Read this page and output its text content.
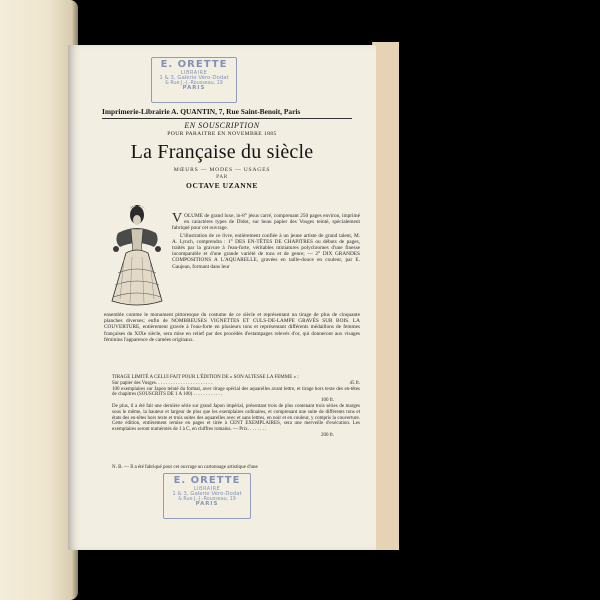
E. ORETTE
LIBRAIRE
1 & 3, Galerie Véro-Dodat
& Rue J.-J.-Rousseau, 19
PARIS
Imprimerie-Librairie A. QUANTIN, 7, Rue Saint-Benoit, Paris
EN SOUSCRIPTION
POUR PARAITRE EN NOVEMBRE 1885
La Française du siècle
MŒURS — MODES — USAGES
PAR
OCTAVE UZANNE

VOLUME de grand luxe, in-8° jésus carré, comprenant 250 pages environ, imprimé en caractères types de Didot, sur beau papier des Vosges teinté, spécialement fabriqué pour cet ouvrage.

L'illustration de ce livre, entièrement confiée à un jeune artiste de grand talent, M. A. Lynch, comprendra : 1° DES EN-TÊTES DE CHAPITRES ou débuts de pages, traités par la gravure à l'eau-forte, véritables miniatures polychromes d'une finesse incomparable et d'une grande variété de tons et de genre; — 2° DIX GRANDES COMPOSITIONS A L'AQUARELLE, gravées en taille-douce en couleur, par E. Gaujean, formant dans leur

ensemble comme le monument pittoresque du costume de ce siècle et représentant un tirage de plus de cinquante planches diverses; enfin de NOMBREUSES VIGNETTES ET CULS-DE-LAMPE GRAVÉS SUR BOIS. LA COUVERTURE, entièrement gravée à l'eau-forte en plusieurs tons et représentant différents médaillons de femmes françaises du XIXe siècle, sera mise en relief par des procédés d'estampages relevés d'or, qui donneront aux visages féminins l'apparence de camées originaux.

TIRAGE LIMITÉ A CELUI FAIT POUR L'ÉDITION DE « SON ALTESSE LA FEMME » :
Sur papier des Vosges. . . . . . . . . . . . . . . . . . . . . . .	45 fr.
100 exemplaires sur Japon teinté du format, avec tirage spécial des aquarelles avant lettre, et tirage hors texte des en-têtes de chapitres (SOUSCRITS DE 1 A 100) . . . . . . . . . . . .
100 fr.
De plus, il a été fait une dernière série sur grand Japon impérial, présentant trois de plus contenant trois séries de marges sous le même, la hauteur et largeur de plus que les exemplaires ordinaires, et comprenant une suite de différents tons et états des en-têtes hors texte et trois suites des aquarelles avec et sans lettres, en noir et en couleur, y compris la couverture. Cette édition, entièrement remise en pages et tirée à CENT EXEMPLAIRES, sera une merveille d'exécution. Les exemplaires seront numérotés de 1 à C, en chiffres romains. — Prix. . . . . . . .
200 fr.
N. B. — Il a été fabriqué pour cet ouvrage un cartonnage artistique d'une
E. ORETTE
LIBRAIRE
1 & 3, Galerie Véro-Dodat
& Rue J.-J.-Rousseau, 19
PARIS
